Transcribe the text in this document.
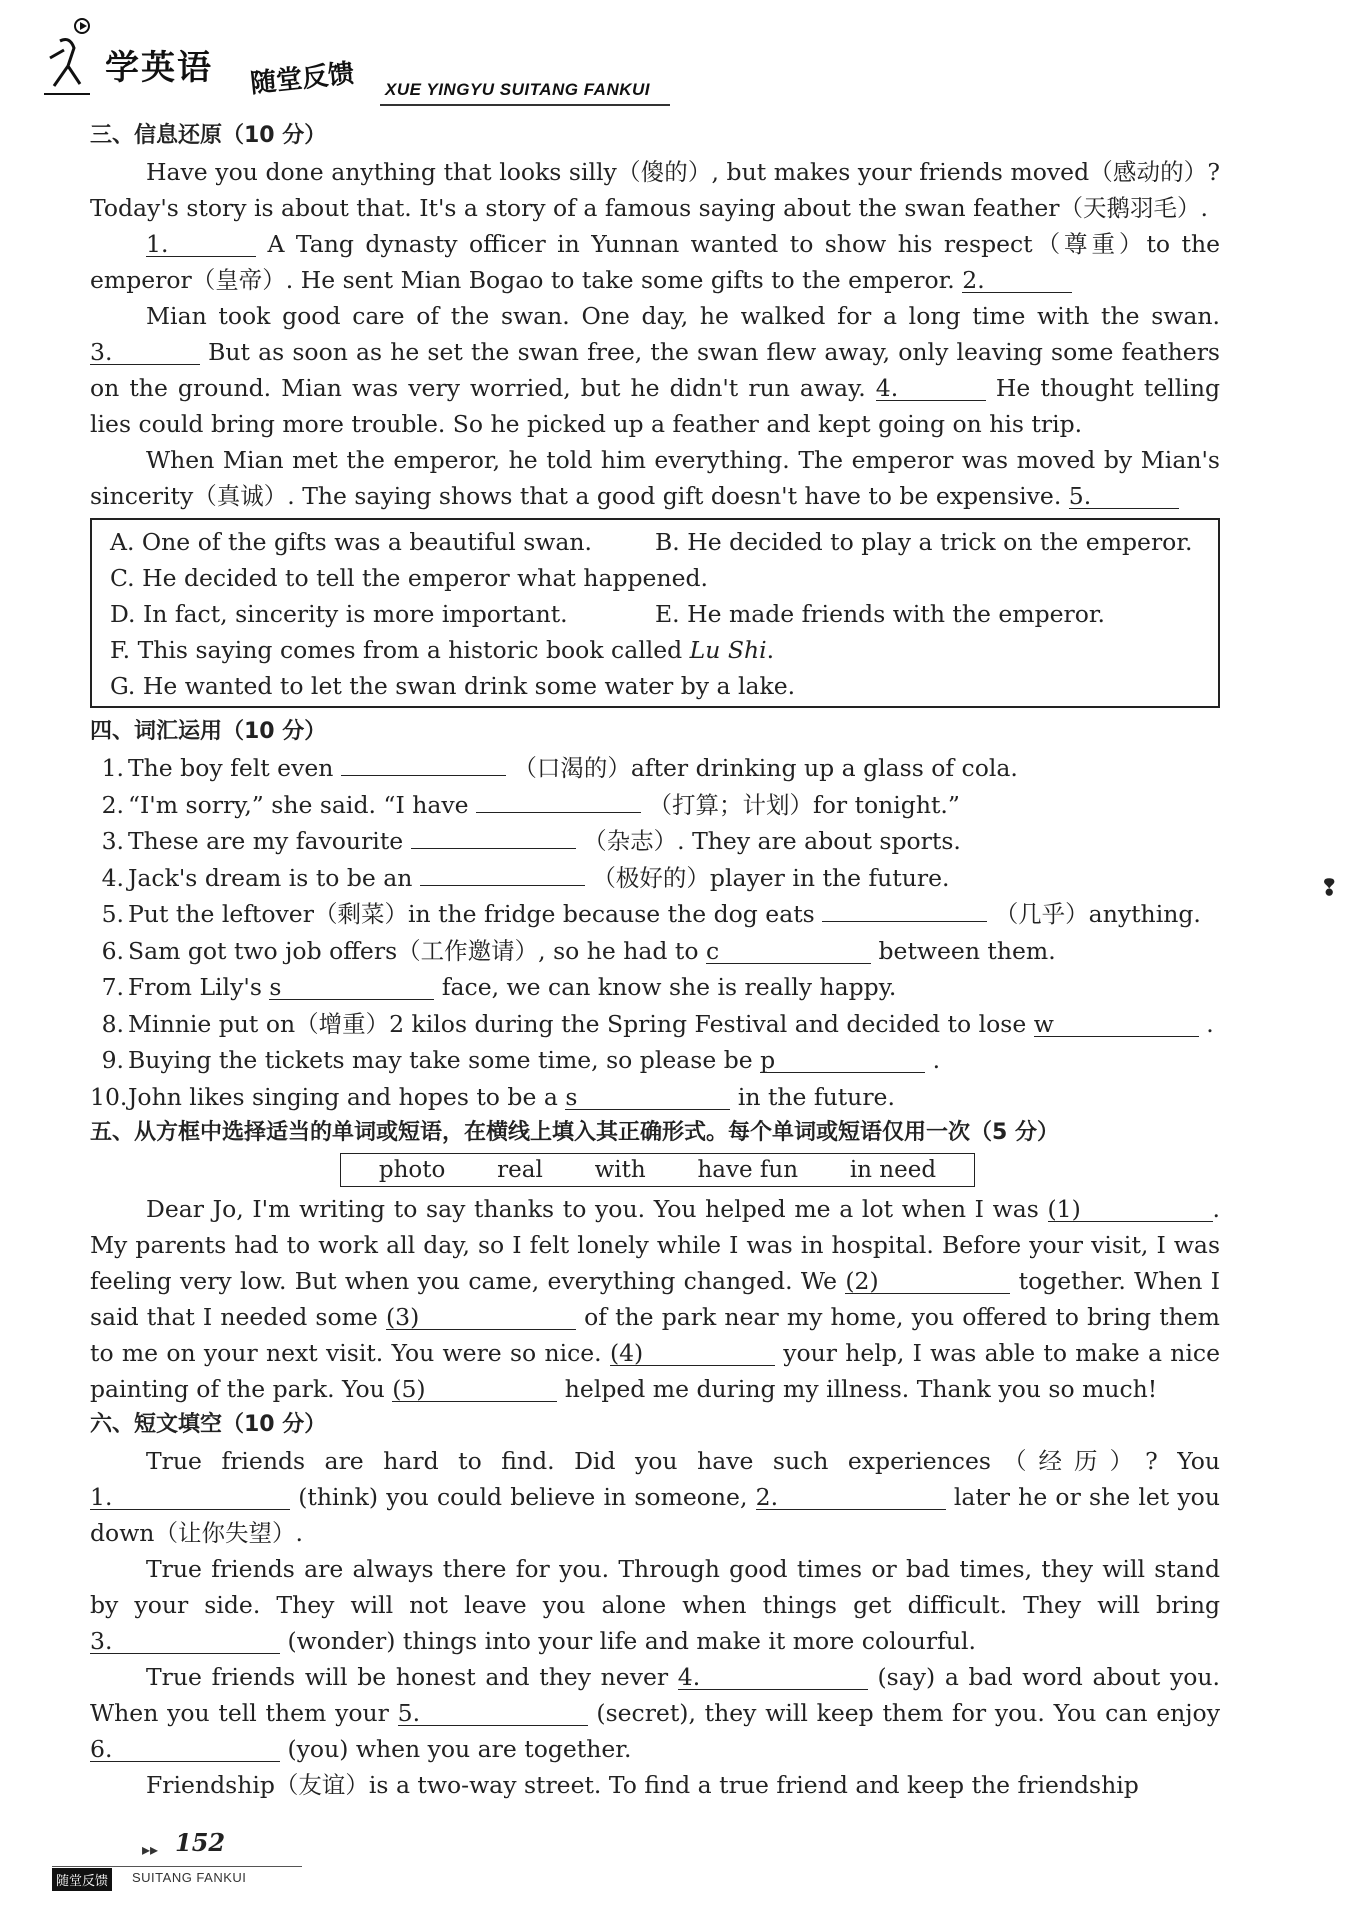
学英语 随堂反馈 XUE YINGYU SUITANG FANKUI
三、信息还原（10 分）
Have you done anything that looks silly（傻的）, but makes your friends moved（感动的）? Today's story is about that. It's a story of a famous saying about the swan feather（天鹅羽毛）.
1.	A Tang dynasty officer in Yunnan wanted to show his respect（尊重）to the emperor（皇帝）. He sent Mian Bogao to take some gifts to the emperor. 2.
Mian took good care of the swan. One day, he walked for a long time with the swan. 3.	But as soon as he set the swan free, the swan flew away, only leaving some feathers on the ground. Mian was very worried, but he didn't run away. 4.	He thought telling lies could bring more trouble. So he picked up a feather and kept going on his trip.
When Mian met the emperor, he told him everything. The emperor was moved by Mian's sincerity（真诚）. The saying shows that a good gift doesn't have to be expensive. 5.
A. One of the gifts was a beautiful swan.	B. He decided to play a trick on the emperor.
C. He decided to tell the emperor what happened.
D. In fact, sincerity is more important.	E. He made friends with the emperor.
F. This saying comes from a historic book called Lu Shi.
G. He wanted to let the swan drink some water by a lake.
四、词汇运用（10 分）
1. The boy felt even	（口渴的）after drinking up a glass of cola.
2. “I'm sorry,” she said. “I have	（打算；计划）for tonight.”
3. These are my favourite	（杂志）. They are about sports.
4. Jack's dream is to be an	（极好的）player in the future.
5. Put the leftover（剩菜）in the fridge because the dog eats	（几乎）anything.
6. Sam got two job offers（工作邀请）, so he had to c	between them.
7. From Lily's s	face, we can know she is really happy.
8. Minnie put on（增重）2 kilos during the Spring Festival and decided to lose w	.
9. Buying the tickets may take some time, so please be p	.
10.John likes singing and hopes to be a s	in the future.
五、从方框中选择适当的单词或短语，在横线上填入其正确形式。每个单词或短语仅用一次（5 分）
photo real with have fun in need
Dear Jo, I'm writing to say thanks to you. You helped me a lot when I was (1)	. My parents had to work all day, so I felt lonely while I was in hospital. Before your visit, I was feeling very low. But when you came, everything changed. We (2)	together. When I said that I needed some (3)	of the park near my home, you offered to bring them to me on your next visit. You were so nice. (4)	your help, I was able to make a nice painting of the park. You (5)	helped me during my illness. Thank you so much!
六、短文填空（10 分）
True friends are hard to find. Did you have such experiences（经历）? You 1.	(think) you could believe in someone, 2.	later he or she let you down（让你失望）.
True friends are always there for you. Through good times or bad times, they will stand by your side. They will not leave you alone when things get difficult. They will bring 3.	(wonder) things into your life and make it more colourful.
True friends will be honest and they never 4.	(say) a bad word about you. When you tell them your 5.	(secret), they will keep them for you. You can enjoy 6.	(you) when you are together.
Friendship（友谊）is a two-way street. To find a true friend and keep the friendship
❢
▸▸ 152
随堂反馈	SUITANG FANKUI
